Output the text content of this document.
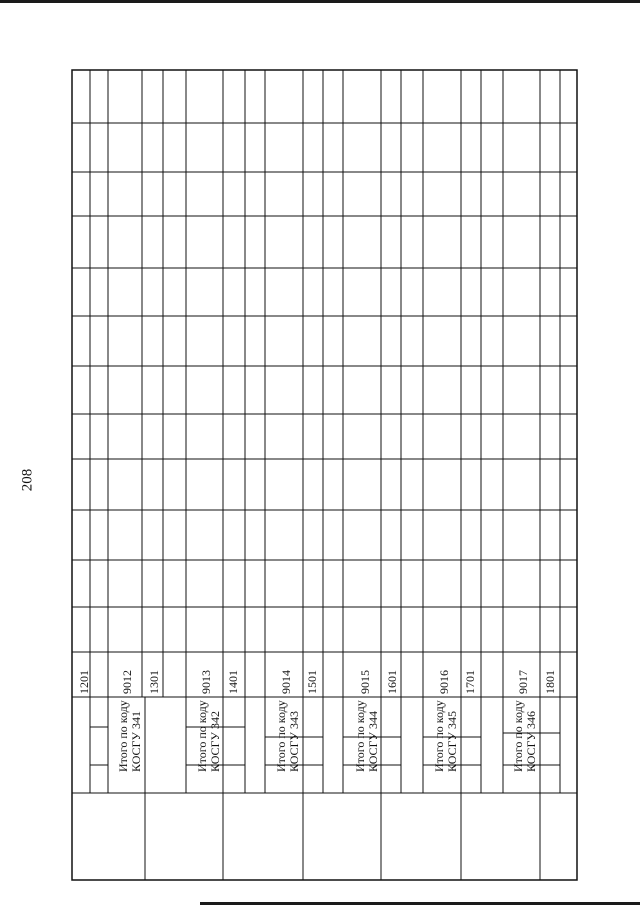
208
1201
Итого по коду КОСГУ 341
9012 1301
Итого по коду КОСГУ 342
9013 1401
Итого по коду КОСГУ 343
9014 1501
Итого по коду КОСГУ 344
9015 1601
Итого по коду КОСГУ 345
9016 1701
Итого по коду КОСГУ 346
9017 1801
